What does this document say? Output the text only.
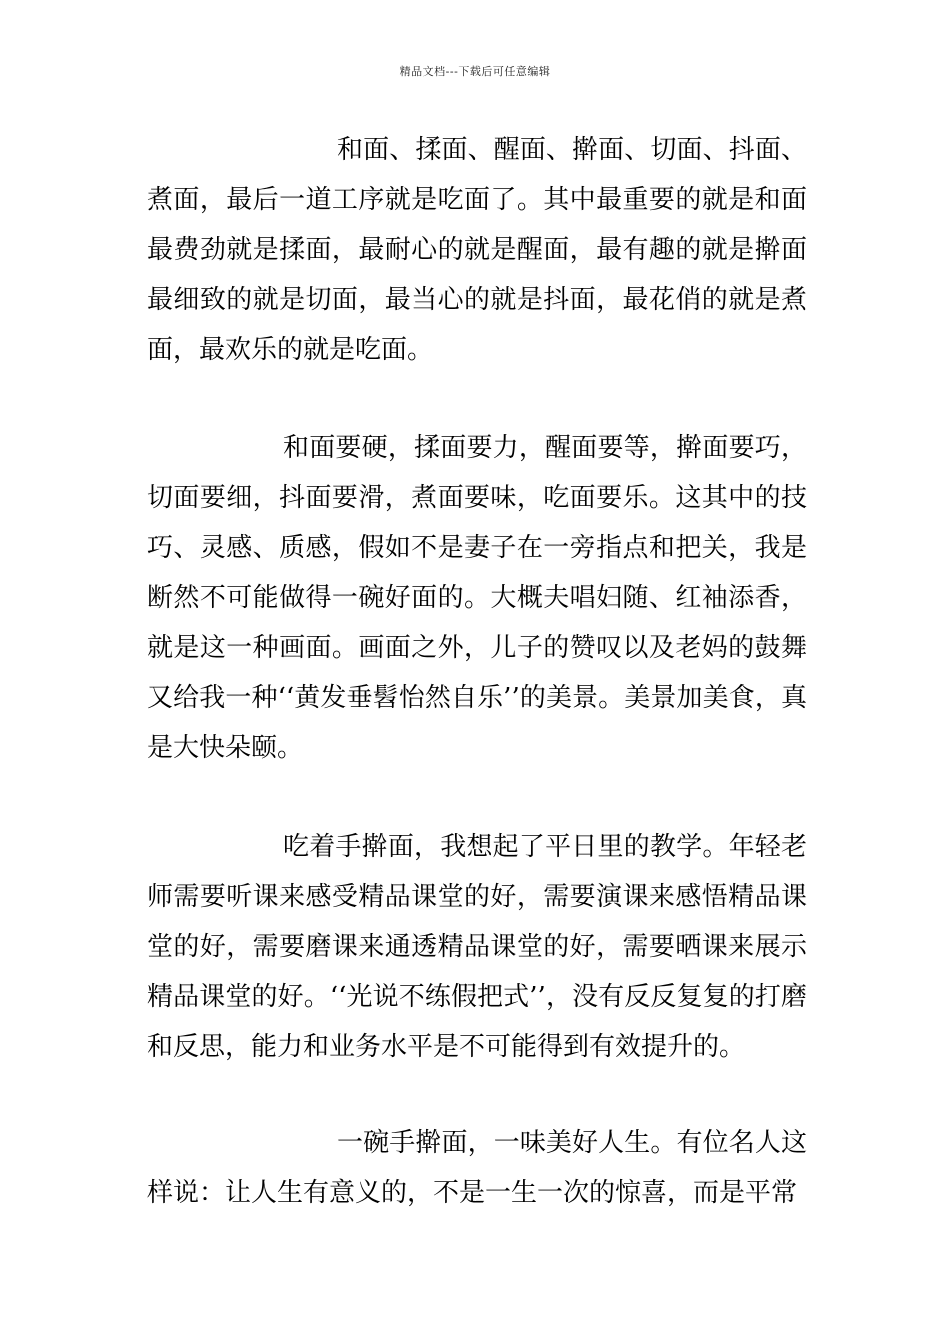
精品文档---下载后可任意编辑

和面、揉面、醒面、擀面、切面、抖面、煮面，最后一道工序就是吃面了。其中最重要的就是和面最费劲就是揉面，最耐心的就是醒面，最有趣的就是擀面最细致的就是切面，最当心的就是抖面，最花俏的就是煮面，最欢乐的就是吃面。

和面要硬，揉面要力，醒面要等，擀面要巧，切面要细，抖面要滑，煮面要味，吃面要乐。这其中的技巧、灵感、质感，假如不是妻子在一旁指点和把关，我是断然不可能做得一碗好面的。大概夫唱妇随、红袖添香，就是这一种画面。画面之外，儿子的赞叹以及老妈的鼓舞又给我一种‘‘黄发垂髫怡然自乐’’的美景。美景加美食，真是大快朵颐。

吃着手擀面，我想起了平日里的教学。年轻老师需要听课来感受精品课堂的好，需要演课来感悟精品课堂的好，需要磨课来通透精品课堂的好，需要晒课来展示精品课堂的好。‘‘光说不练假把式’’，没有反反复复的打磨和反思，能力和业务水平是不可能得到有效提升的。

一碗手擀面，一味美好人生。有位名人这样说：让人生有意义的，不是一生一次的惊喜，而是平常
